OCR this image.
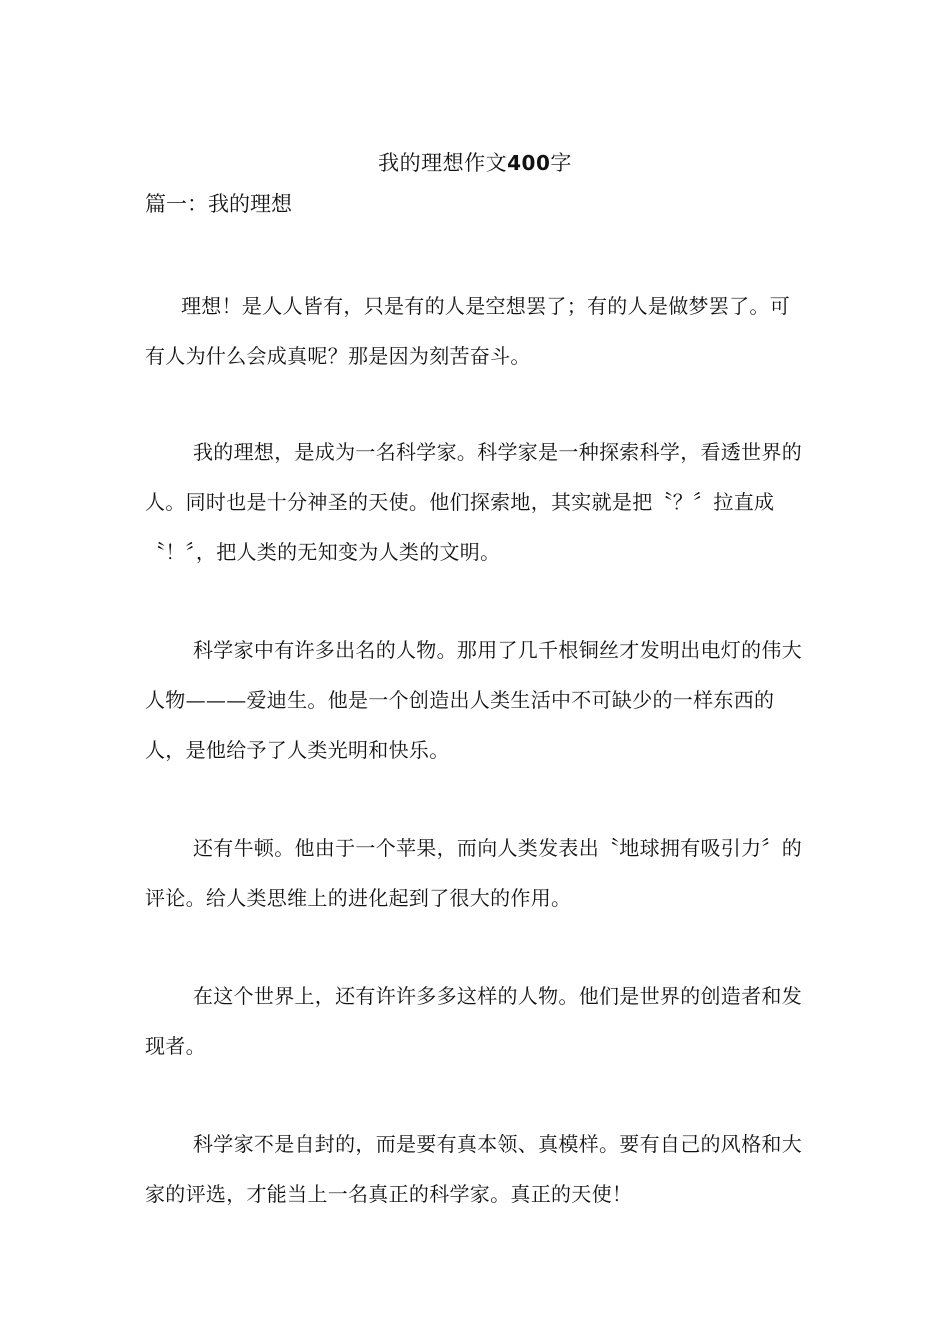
我的理想作文400字
篇一：我的理想

理想！是人人皆有，只是有的人是空想罢了；有的人是做梦罢了。可有人为什么会成真呢？那是因为刻苦奋斗。

我的理想，是成为一名科学家。科学家是一种探索科学，看透世界的人。同时也是十分神圣的天使。他们探索地，其实就是把〝？〞拉直成〝！〞，把人类的无知变为人类的文明。

科学家中有许多出名的人物。那用了几千根铜丝才发明出电灯的伟大人物———爱迪生。他是一个创造出人类生活中不可缺少的一样东西的人，是他给予了人类光明和快乐。

还有牛顿。他由于一个苹果，而向人类发表出〝地球拥有吸引力〞的评论。给人类思维上的进化起到了很大的作用。

在这个世界上，还有许许多多这样的人物。他们是世界的创造者和发现者。

科学家不是自封的，而是要有真本领、真模样。要有自己的风格和大家的评选，才能当上一名真正的科学家。真正的天使！
